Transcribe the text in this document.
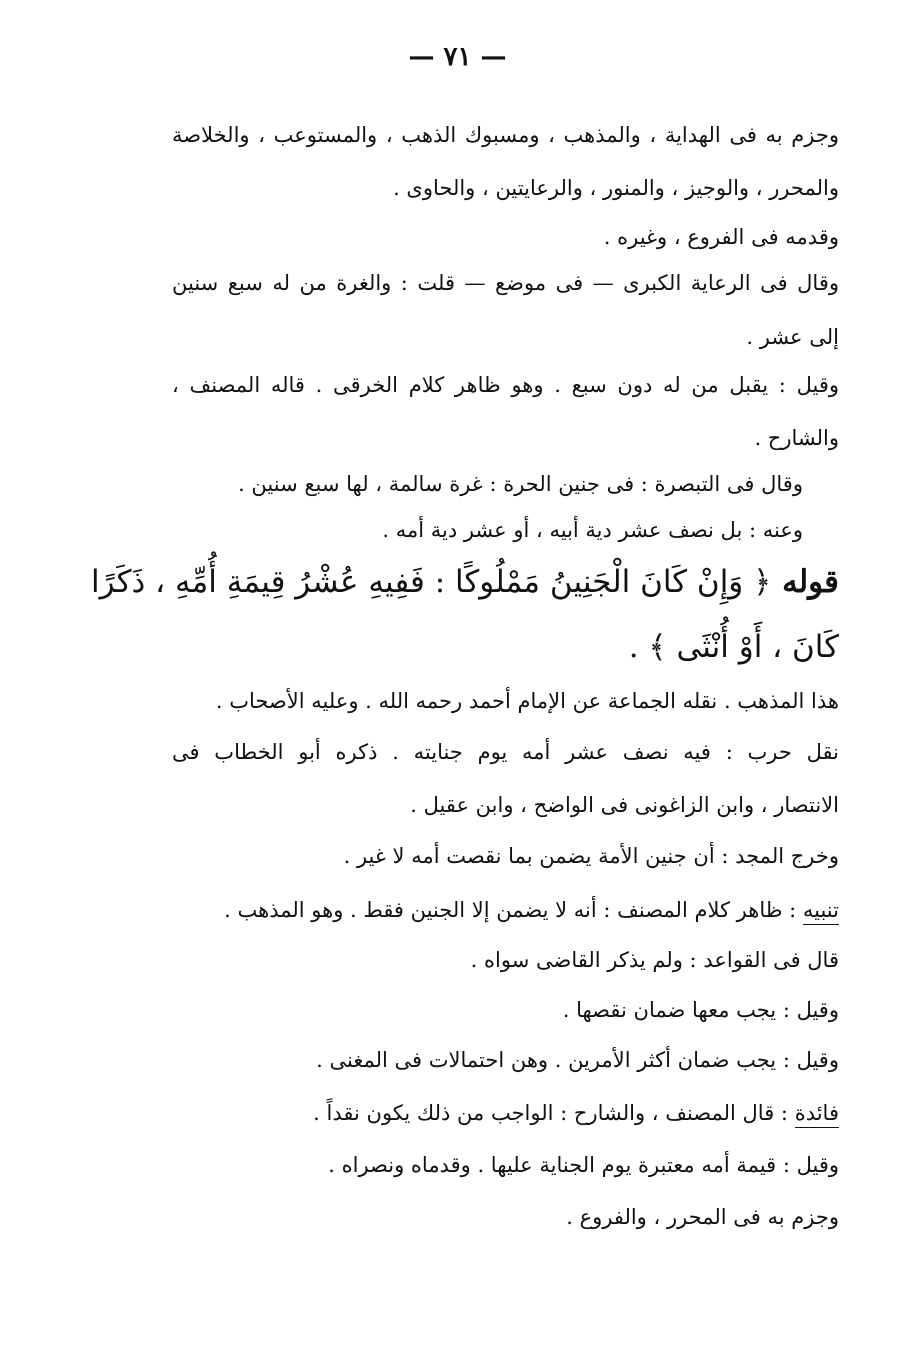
— ٧١ —
وجزم به فى الهداية ، والمذهب ، ومسبوك الذهب ، والمستوعب ، والخلاصة
والمحرر ، والوجيز ، والمنور ، والرعايتين ، والحاوى .
وقدمه فى الفروع ، وغيره .
وقال فى الرعاية الكبرى — فى موضع — قلت : والغرة من له سبع سنين
إلى عشر .
وقيل : يقبل من له دون سبع . وهو ظاهر كلام الخرقى . قاله المصنف ،
والشارح .
وقال فى التبصرة : فى جنين الحرة : غرة سالمة ، لها سبع سنين .
وعنه : بل نصف عشر دية أبيه ، أو عشر دية أمه .
قوله ﴿ وَإِنْ كَانَ الْجَنِينُ مَمْلُوكًا : فَفِيهِ عُشْرُ قِيمَةِ أُمِّهِ ، ذَكَرًا
كَانَ ، أَوْ أُنْثَى ﴾ .
هذا المذهب . نقله الجماعة عن الإمام أحمد رحمه الله . وعليه الأصحاب .
نقل حرب : فيه نصف عشر أمه يوم جنايته . ذكره أبو الخطاب فى
الانتصار ، وابن الزاغونى فى الواضح ، وابن عقيل .
وخرج المجد : أن جنين الأمة يضمن بما نقصت أمه لا غير .
تنبيه : ظاهر كلام المصنف : أنه لا يضمن إلا الجنين فقط . وهو المذهب .
قال فى القواعد : ولم يذكر القاضى سواه .
وقيل : يجب معها ضمان نقصها .
وقيل : يجب ضمان أكثر الأمرين . وهن احتمالات فى المغنى .
فائدة : قال المصنف ، والشارح : الواجب من ذلك يكون نقداً .
وقيل : قيمة أمه معتبرة يوم الجناية عليها . وقدماه ونصراه .
وجزم به فى المحرر ، والفروع .
